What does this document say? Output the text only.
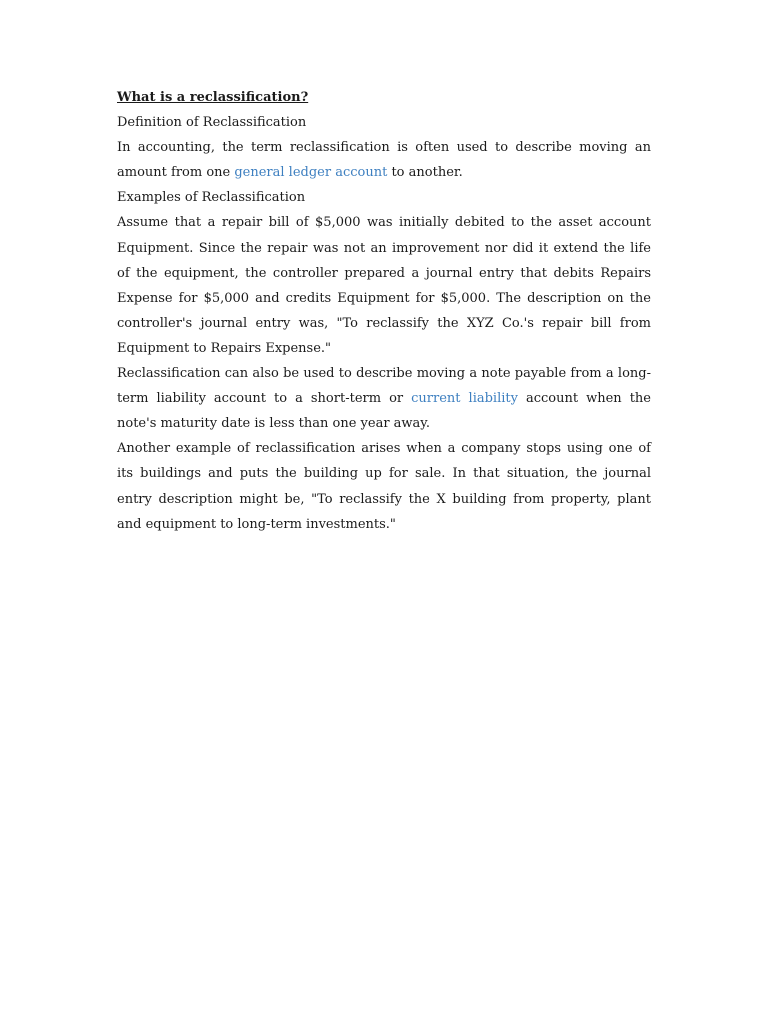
What is a reclassification?

Definition of Reclassification

In accounting, the term reclassification is often used to describe moving an amount from one general ledger account to another.

Examples of Reclassification

Assume that a repair bill of $5,000 was initially debited to the asset account Equipment. Since the repair was not an improvement nor did it extend the life of the equipment, the controller prepared a journal entry that debits Repairs Expense for $5,000 and credits Equipment for $5,000. The description on the controller's journal entry was, "To reclassify the XYZ Co.'s repair bill from Equipment to Repairs Expense."

Reclassification can also be used to describe moving a note payable from a long-term liability account to a short-term or current liability account when the note's maturity date is less than one year away.

Another example of reclassification arises when a company stops using one of its buildings and puts the building up for sale. In that situation, the journal entry description might be, "To reclassify the X building from property, plant and equipment to long-term investments."
